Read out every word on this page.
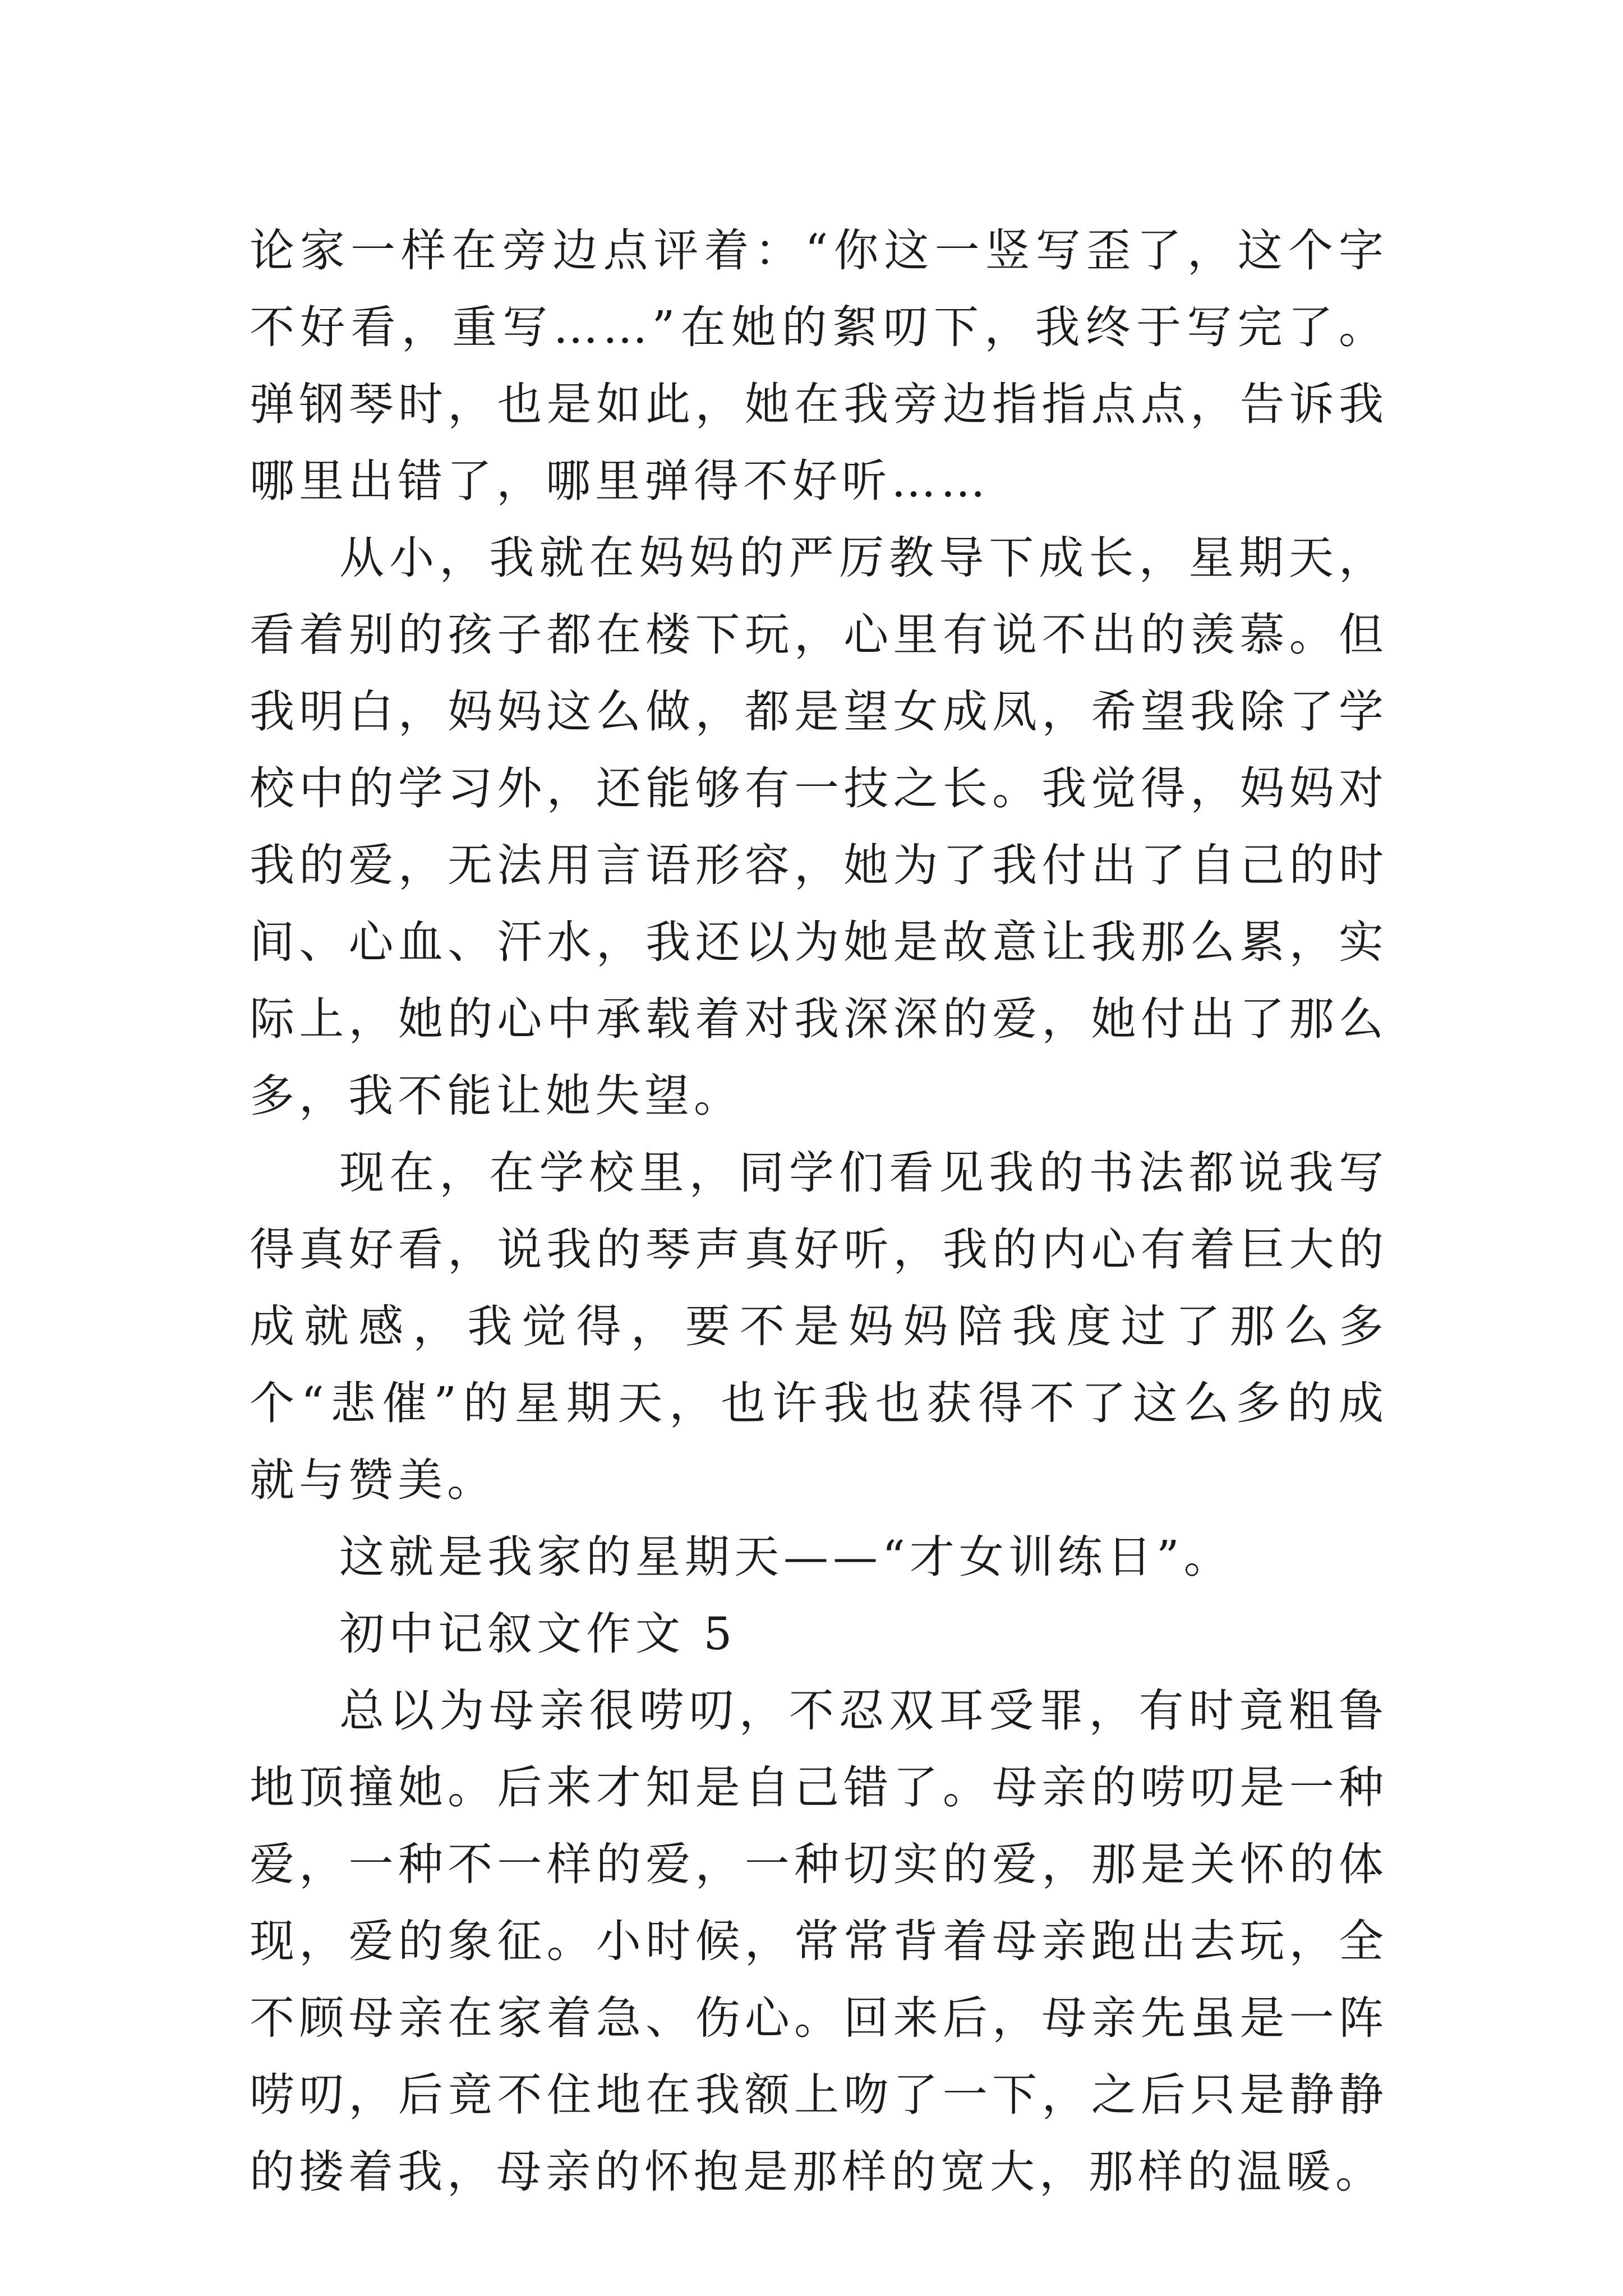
论家一样在旁边点评着：“你这一竖写歪了，这个字不好看，重写……”在她的絮叨下，我终于写完了。弹钢琴时，也是如此，她在我旁边指指点点，告诉我哪里出错了，哪里弹得不好听……

从小，我就在妈妈的严厉教导下成长，星期天，看着别的孩子都在楼下玩，心里有说不出的羡慕。但我明白，妈妈这么做，都是望女成凤，希望我除了学校中的学习外，还能够有一技之长。我觉得，妈妈对我的爱，无法用言语形容，她为了我付出了自己的时间、心血、汗水，我还以为她是故意让我那么累，实际上，她的心中承载着对我深深的爱，她付出了那么多，我不能让她失望。

现在，在学校里，同学们看见我的书法都说我写得真好看，说我的琴声真好听，我的内心有着巨大的成就感，我觉得，要不是妈妈陪我度过了那么多个“悲催”的星期天，也许我也获得不了这么多的成就与赞美。

这就是我家的星期天——“才女训练日”。

初中记叙文作文 5

总以为母亲很唠叨，不忍双耳受罪，有时竟粗鲁地顶撞她。后来才知是自己错了。母亲的唠叨是一种爱，一种不一样的爱，一种切实的爱，那是关怀的体现，爱的象征。小时候，常常背着母亲跑出去玩，全不顾母亲在家着急、伤心。回来后，母亲先虽是一阵唠叨，后竟不住地在我额上吻了一下，之后只是静静的搂着我，母亲的怀抱是那样的宽大，那样的温暖。
